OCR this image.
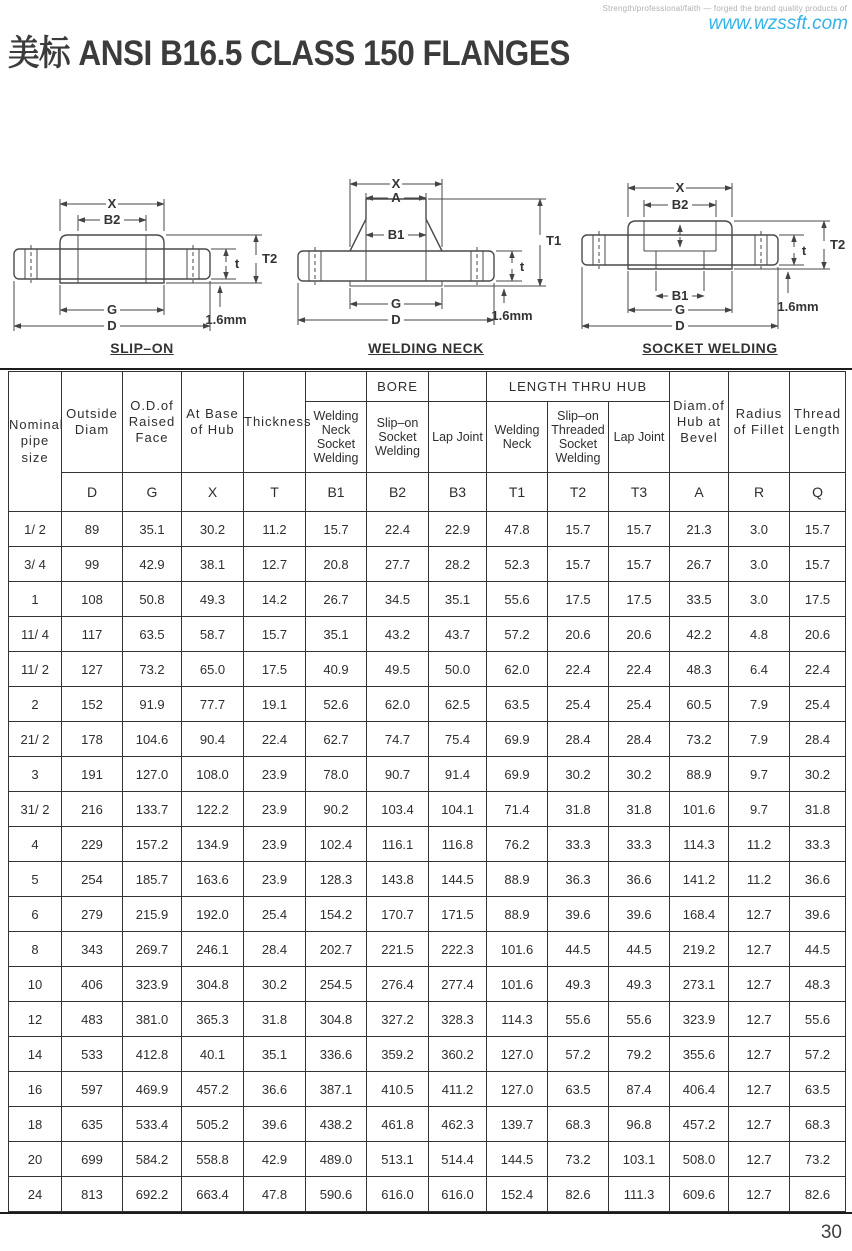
Strength/professional/faith — forged the brand quality products of
www.wzssft.com
美标 ANSI B16.5 CLASS 150 FLANGES
X
B2
t T2
1.6mm
G
D
SLIP–ON
X
A
B1	T1
t
1.6mm
G
D
WELDING NECK
X
B2
t T2
1.6mm
B1
G
D
SOCKET WELDING
Nominal pipe size	Outside Diam	O.D.of Raised Face	At Base of Hub	Thickness		BORE		LENGTH THRU HUB			Diam.of Hub at Bevel	Radius of Fillet	Thread Length
					Welding Neck Socket Welding	Slip–on Socket Welding	Lap Joint	Welding Neck	Slip–on Threaded Socket Welding	Lap Joint			
	D	G	X	T	B1	B2	B3	T1	T2	T3	A	R	Q
1/ 2	89	35.1	30.2	11.2	15.7	22.4	22.9	47.8	15.7	15.7	21.3	3.0	15.7
3/ 4	99	42.9	38.1	12.7	20.8	27.7	28.2	52.3	15.7	15.7	26.7	3.0	15.7
1	108	50.8	49.3	14.2	26.7	34.5	35.1	55.6	17.5	17.5	33.5	3.0	17.5
11/ 4	117	63.5	58.7	15.7	35.1	43.2	43.7	57.2	20.6	20.6	42.2	4.8	20.6
11/ 2	127	73.2	65.0	17.5	40.9	49.5	50.0	62.0	22.4	22.4	48.3	6.4	22.4
2	152	91.9	77.7	19.1	52.6	62.0	62.5	63.5	25.4	25.4	60.5	7.9	25.4
21/ 2	178	104.6	90.4	22.4	62.7	74.7	75.4	69.9	28.4	28.4	73.2	7.9	28.4
3	191	127.0	108.0	23.9	78.0	90.7	91.4	69.9	30.2	30.2	88.9	9.7	30.2
31/ 2	216	133.7	122.2	23.9	90.2	103.4	104.1	71.4	31.8	31.8	101.6	9.7	31.8
4	229	157.2	134.9	23.9	102.4	116.1	116.8	76.2	33.3	33.3	114.3	11.2	33.3
5	254	185.7	163.6	23.9	128.3	143.8	144.5	88.9	36.3	36.6	141.2	11.2	36.6
6	279	215.9	192.0	25.4	154.2	170.7	171.5	88.9	39.6	39.6	168.4	12.7	39.6
8	343	269.7	246.1	28.4	202.7	221.5	222.3	101.6	44.5	44.5	219.2	12.7	44.5
10	406	323.9	304.8	30.2	254.5	276.4	277.4	101.6	49.3	49.3	273.1	12.7	48.3
12	483	381.0	365.3	31.8	304.8	327.2	328.3	114.3	55.6	55.6	323.9	12.7	55.6
14	533	412.8	40.1	35.1	336.6	359.2	360.2	127.0	57.2	79.2	355.6	12.7	57.2
16	597	469.9	457.2	36.6	387.1	410.5	411.2	127.0	63.5	87.4	406.4	12.7	63.5
18	635	533.4	505.2	39.6	438.2	461.8	462.3	139.7	68.3	96.8	457.2	12.7	68.3
20	699	584.2	558.8	42.9	489.0	513.1	514.4	144.5	73.2	103.1	508.0	12.7	73.2
24	813	692.2	663.4	47.8	590.6	616.0	616.0	152.4	82.6	111.3	609.6	12.7	82.6
30
